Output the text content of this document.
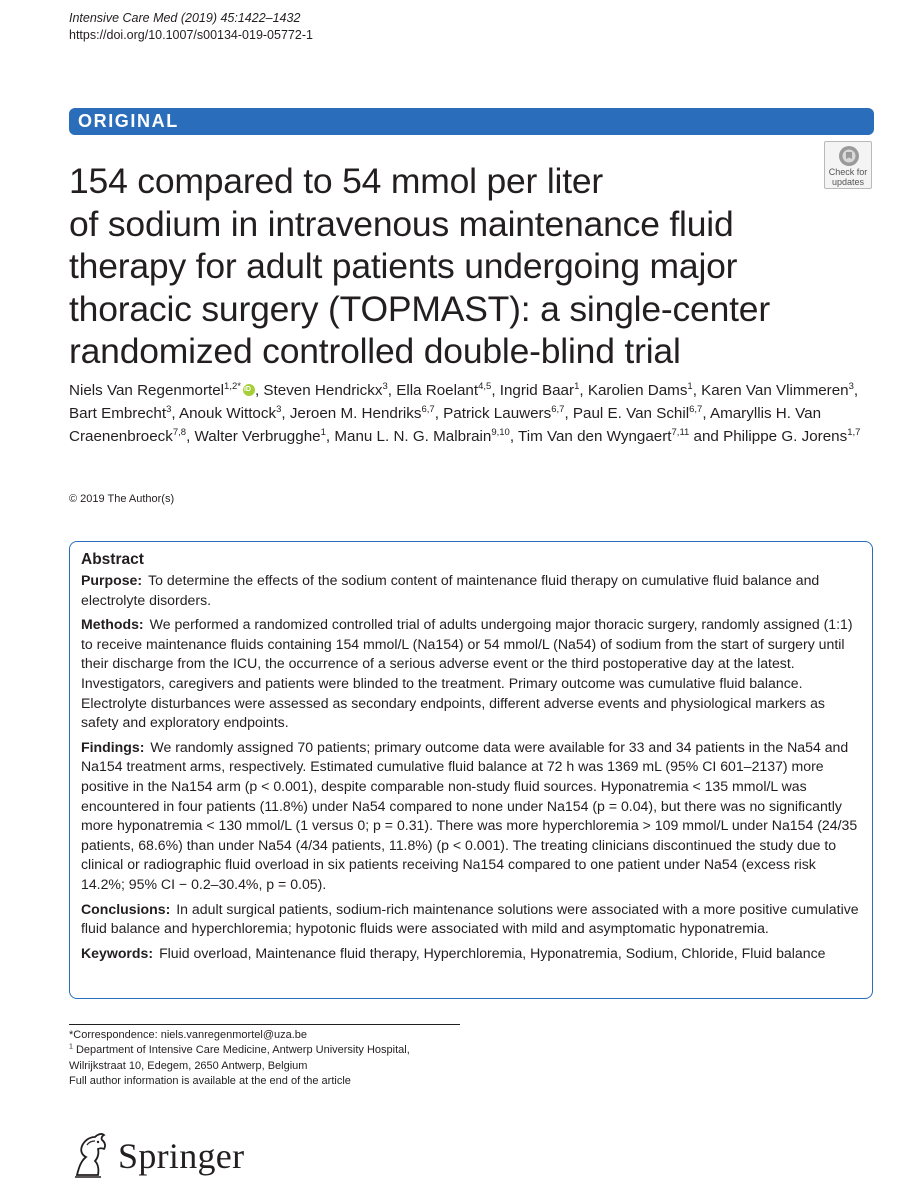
Intensive Care Med (2019) 45:1422–1432
https://doi.org/10.1007/s00134-019-05772-1
ORIGINAL
Check for
updates
154 compared to 54 mmol per liter
of sodium in intravenous maintenance fluid
therapy for adult patients undergoing major
thoracic surgery (TOPMAST): a single-center
randomized controlled double-blind trial
Niels Van Regenmortel$^{1,2*}$iD , Steven Hendrickx$^3$, Ella Roelant$^{4,5}$, Ingrid Baar$^1$, Karolien Dams$^1$, Karen Van Vlimmeren$^3$, Bart Embrecht$^3$, Anouk Wittock$^3$, Jeroen M. Hendriks$^{6,7}$, Patrick Lauwers$^{6,7}$, Paul E. Van Schil$^{6,7}$, Amaryllis H. Van Craenenbroeck$^{7,8}$, Walter Verbrugghe$^1$, Manu L. N. G. Malbrain$^{9,10}$, Tim Van den Wyngaert$^{7,11}$ and Philippe G. Jorens$^{1,7}$
© 2019 The Author(s)
Abstract

Purpose: To determine the effects of the sodium content of maintenance fluid therapy on cumulative fluid balance and electrolyte disorders.

Methods: We performed a randomized controlled trial of adults undergoing major thoracic surgery, randomly assigned (1:1) to receive maintenance fluids containing 154 mmol/L (Na154) or 54 mmol/L (Na54) of sodium from the start of surgery until their discharge from the ICU, the occurrence of a serious adverse event or the third postoperative day at the latest. Investigators, caregivers and patients were blinded to the treatment. Primary outcome was cumulative fluid balance. Electrolyte disturbances were assessed as secondary endpoints, different adverse events and physiological markers as safety and exploratory endpoints.

Findings: We randomly assigned 70 patients; primary outcome data were available for 33 and 34 patients in the Na54 and Na154 treatment arms, respectively. Estimated cumulative fluid balance at 72 h was 1369 mL (95% CI 601–2137) more positive in the Na154 arm (p < 0.001), despite comparable non-study fluid sources. Hyponatremia < 135 mmol/L was encountered in four patients (11.8%) under Na54 compared to none under Na154 (p = 0.04), but there was no significantly more hyponatremia < 130 mmol/L (1 versus 0; p = 0.31). There was more hyperchloremia > 109 mmol/L under Na154 (24/35 patients, 68.6%) than under Na54 (4/34 patients, 11.8%) (p < 0.001). The treating clinicians discontinued the study due to clinical or radiographic fluid overload in six patients receiving Na154 compared to one patient under Na54 (excess risk 14.2%; 95% CI − 0.2–30.4%, p = 0.05).

Conclusions: In adult surgical patients, sodium-rich maintenance solutions were associated with a more positive cumulative fluid balance and hyperchloremia; hypotonic fluids were associated with mild and asymptomatic hyponatremia.

Keywords: Fluid overload, Maintenance fluid therapy, Hyperchloremia, Hyponatremia, Sodium, Chloride, Fluid balance

*Correspondence: niels.vanregenmortel@uza.be
$^1$ Department of Intensive Care Medicine, Antwerp University Hospital,
Wilrijkstraat 10, Edegem, 2650 Antwerp, Belgium
Full author information is available at the end of the article
Springer
